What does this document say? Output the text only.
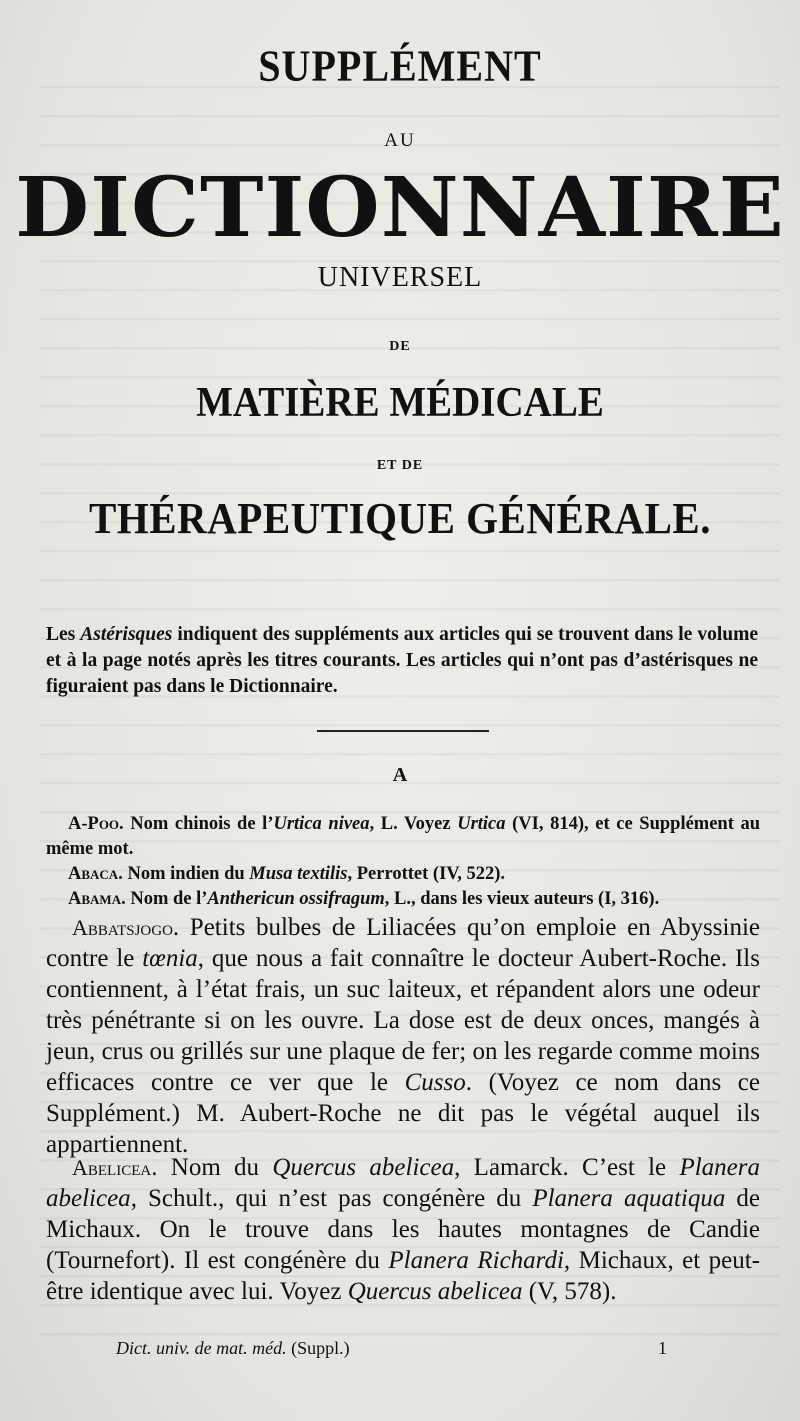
SUPPLÉMENT
AU
DICTIONNAIRE
UNIVERSEL
DE
MATIÈRE MÉDICALE
ET DE
THÉRAPEUTIQUE GÉNÉRALE.
Les Astérisques indiquent des suppléments aux articles qui se trouvent dans le volume et à la page notés après les titres courants. Les articles qui n’ont pas d’astérisques ne figuraient pas dans le Dictionnaire.
A
A-Poo. Nom chinois de l’Urtica nivea, L. Voyez Urtica (VI, 814), et ce Supplément au même mot.
Abaca. Nom indien du Musa textilis, Perrottet (IV, 522).
Abama. Nom de l’Anthericun ossifragum, L., dans les vieux auteurs (I, 316).
Abbatsjogo. Petits bulbes de Liliacées qu’on emploie en Abyssinie contre le tœnia, que nous a fait connaître le docteur Aubert-Roche. Ils contiennent, à l’état frais, un suc laiteux, et répandent alors une odeur très pénétrante si on les ouvre. La dose est de deux onces, mangés à jeun, crus ou grillés sur une plaque de fer; on les regarde comme moins efficaces contre ce ver que le Cusso. (Voyez ce nom dans ce Supplément.) M. Aubert-Roche ne dit pas le végétal auquel ils appartiennent.
Abelicea. Nom du Quercus abelicea, Lamarck. C’est le Planera abelicea, Schult., qui n’est pas congénère du Planera aquatiqua de Michaux. On le trouve dans les hautes montagnes de Candie (Tournefort). Il est congénère du Planera Richardi, Michaux, et peut-être identique avec lui. Voyez Quercus abelicea (V, 578).
Dict. univ. de mat. méd. (Suppl.)	1
